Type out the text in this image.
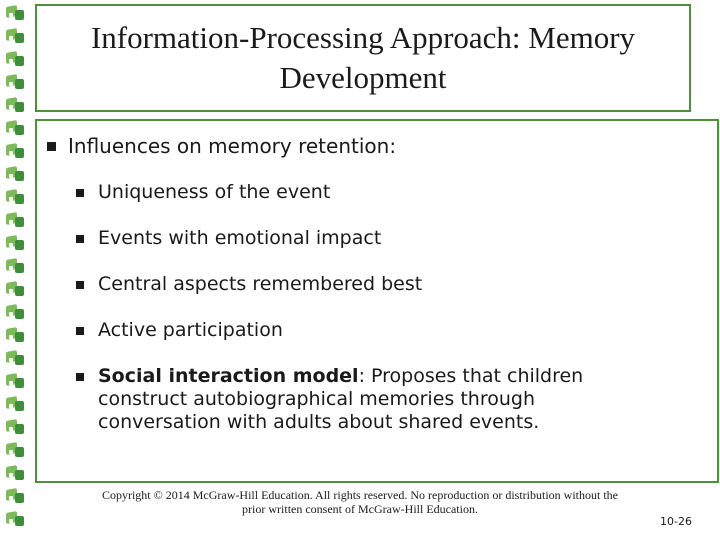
Information-Processing Approach: Memory Development
Influences on memory retention:
Uniqueness of the event
Events with emotional impact
Central aspects remembered best
Active participation
Social interaction model: Proposes that children construct autobiographical memories through conversation with adults about shared events.
Copyright © 2014 McGraw-Hill Education. All rights reserved. No reproduction or distribution without the prior written consent of McGraw-Hill Education.
10-26
